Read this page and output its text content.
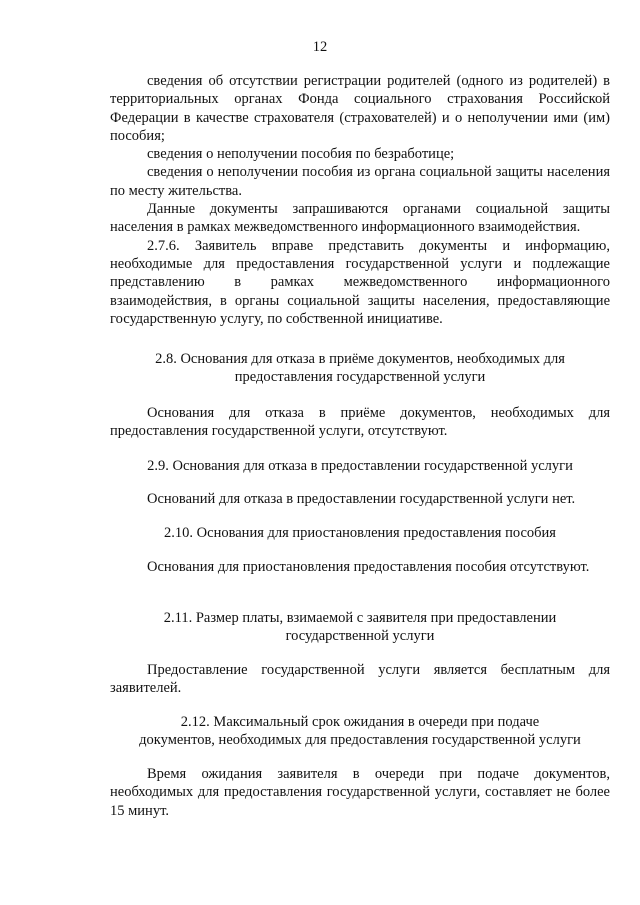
12

сведения об отсутствии регистрации родителей (одного из родителей) в территориальных органах Фонда социального страхования Российской Федерации в качестве страхователя (страхователей) и о неполучении ими (им) пособия;

сведения о неполучении пособия по безработице;

сведения о неполучении пособия из органа социальной защиты населения по месту жительства.

Данные документы запрашиваются органами социальной защиты населения в рамках межведомственного информационного взаимодействия.

2.7.6. Заявитель вправе представить документы и информацию, необходимые для предоставления государственной услуги и подлежащие представлению в рамках межведомственного информационного взаимодействия, в органы социальной защиты населения, предоставляющие государственную услугу, по собственной инициативе.

2.8. Основания для отказа в приёме документов, необходимых для
предоставления государственной услуги

Основания для отказа в приёме документов, необходимых для предоставления государственной услуги, отсутствуют.

2.9. Основания для отказа в предоставлении государственной услуги

Оснований для отказа в предоставлении государственной услуги нет.

2.10. Основания для приостановления предоставления пособия

Основания для приостановления предоставления пособия отсутствуют.

2.11. Размер платы, взимаемой с заявителя при предоставлении
государственной услуги

Предоставление государственной услуги является бесплатным для заявителей.

2.12. Максимальный срок ожидания в очереди при подаче
документов, необходимых для предоставления государственной услуги

Время ожидания заявителя в очереди при подаче документов, необходимых для предоставления государственной услуги, составляет не более 15 минут.
